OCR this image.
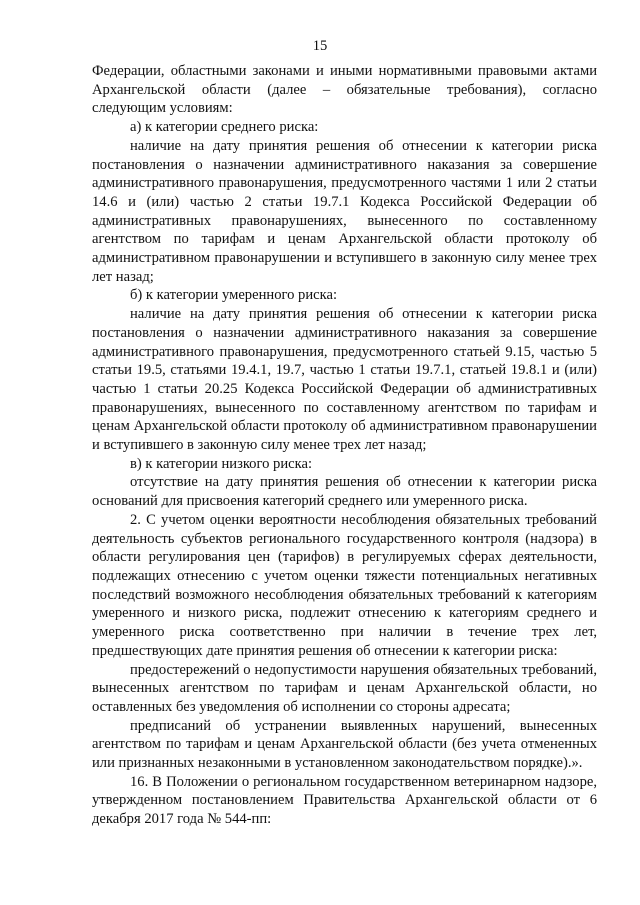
15

Федерации, областными законами и иными нормативными правовыми актами Архангельской области (далее – обязательные требования), согласно следующим условиям:

а) к категории среднего риска:

наличие на дату принятия решения об отнесении к категории риска постановления о назначении административного наказания за совершение административного правонарушения, предусмотренного частями 1 или 2 статьи 14.6 и (или) частью 2 статьи 19.7.1 Кодекса Российской Федерации об административных правонарушениях, вынесенного по составленному агентством по тарифам и ценам Архангельской области протоколу об административном правонарушении и вступившего в законную силу менее трех лет назад;

б) к категории умеренного риска:

наличие на дату принятия решения об отнесении к категории риска постановления о назначении административного наказания за совершение административного правонарушения, предусмотренного статьей 9.15, частью 5 статьи 19.5, статьями 19.4.1, 19.7, частью 1 статьи 19.7.1, статьей 19.8.1 и (или) частью 1 статьи 20.25 Кодекса Российской Федерации об административных правонарушениях, вынесенного по составленному агентством по тарифам и ценам Архангельской области протоколу об административном правонарушении и вступившего в законную силу менее трех лет назад;

в) к категории низкого риска:

отсутствие на дату принятия решения об отнесении к категории риска оснований для присвоения категорий среднего или умеренного риска.

2. С учетом оценки вероятности несоблюдения обязательных требований деятельность субъектов регионального государственного контроля (надзора) в области регулирования цен (тарифов) в регулируемых сферах деятельности, подлежащих отнесению с учетом оценки тяжести потенциальных негативных последствий возможного несоблюдения обязательных требований к категориям умеренного и низкого риска, подлежит отнесению к категориям среднего и умеренного риска соответственно при наличии в течение трех лет, предшествующих дате принятия решения об отнесении к категории риска:

предостережений о недопустимости нарушения обязательных требований, вынесенных агентством по тарифам и ценам Архангельской области, но оставленных без уведомления об исполнении со стороны адресата;

предписаний об устранении выявленных нарушений, вынесенных агентством по тарифам и ценам Архангельской области (без учета отмененных или признанных незаконными в установленном законодательством порядке).».

16. В Положении о региональном государственном ветеринарном надзоре, утвержденном постановлением Правительства Архангельской области от 6 декабря 2017 года № 544-пп:
